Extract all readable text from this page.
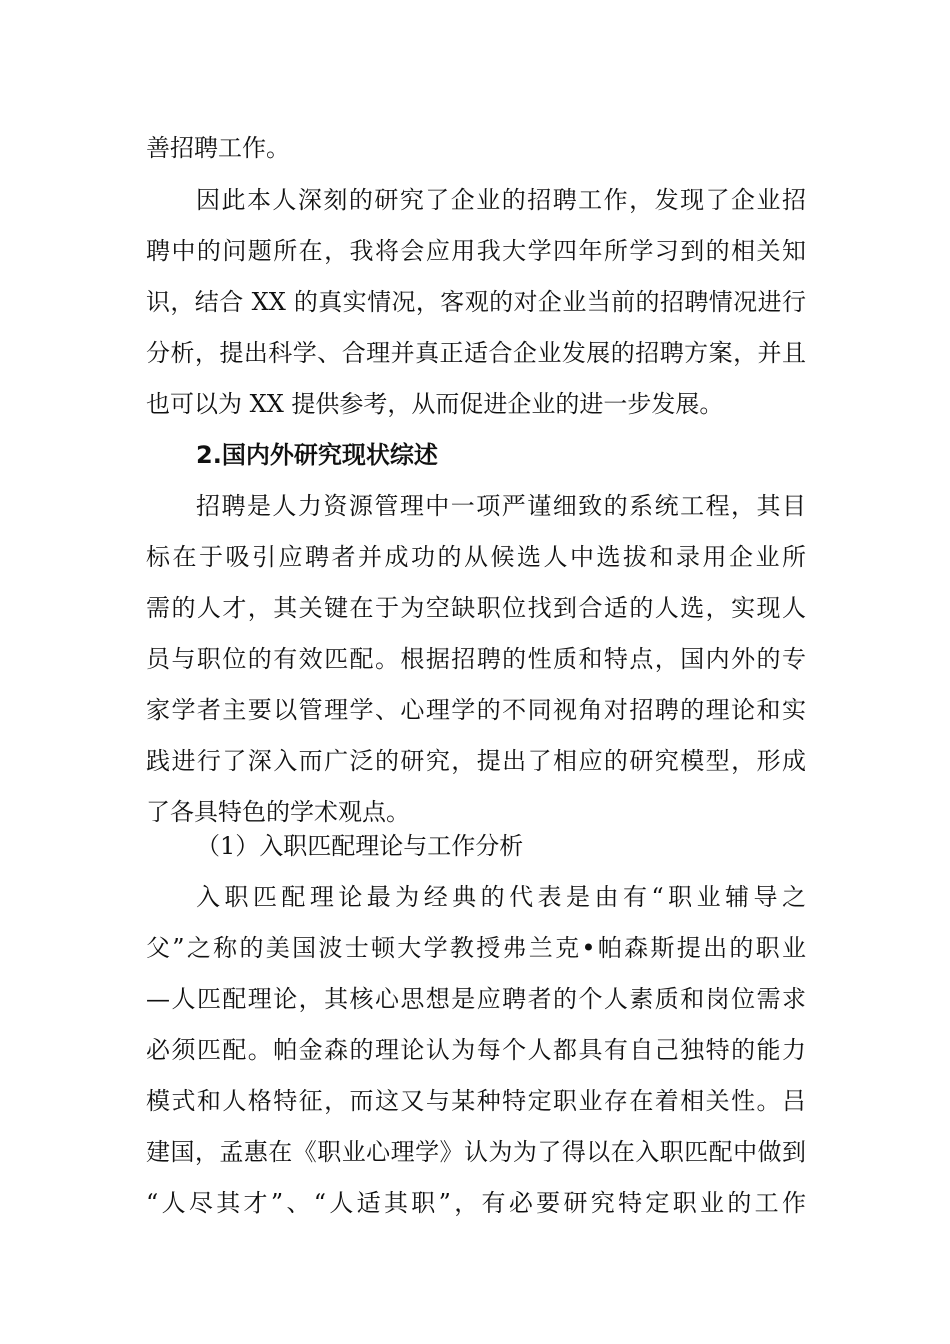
善招聘工作。
因此本人深刻的研究了企业的招聘工作，发现了企业招
聘中的问题所在，我将会应用我大学四年所学习到的相关知
识，结合 XX 的真实情况，客观的对企业当前的招聘情况进行
分析，提出科学、合理并真正适合企业发展的招聘方案，并且
也可以为 XX 提供参考，从而促进企业的进一步发展。
2.国内外研究现状综述
招聘是人力资源管理中一项严谨细致的系统工程，其目
标在于吸引应聘者并成功的从候选人中选拔和录用企业所
需的人才，其关键在于为空缺职位找到合适的人选，实现人
员与职位的有效匹配。根据招聘的性质和特点，国内外的专
家学者主要以管理学、心理学的不同视角对招聘的理论和实
践进行了深入而广泛的研究，提出了相应的研究模型，形成
了各具特色的学术观点。
（1）入职匹配理论与工作分析
入职匹配理论最为经典的代表是由有“职业辅导之
父”之称的美国波士顿大学教授弗兰克•帕森斯提出的职业
—人匹配理论，其核心思想是应聘者的个人素质和岗位需求
必须匹配。帕金森的理论认为每个人都具有自己独特的能力
模式和人格特征，而这又与某种特定职业存在着相关性。吕
建国，孟惠在《职业心理学》认为为了得以在入职匹配中做到
“人尽其才”、“人适其职”，有必要研究特定职业的工作
